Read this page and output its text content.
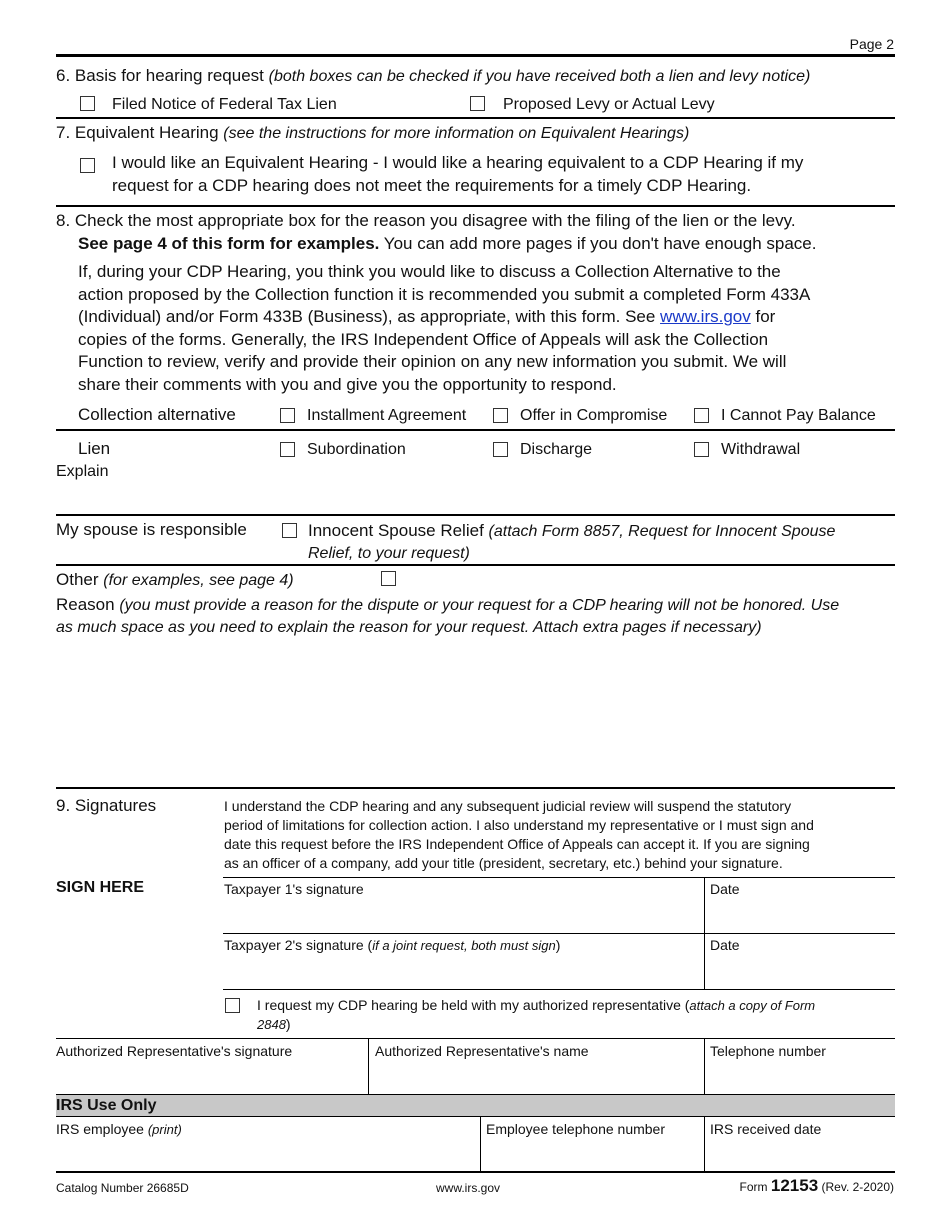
Page 2
6. Basis for hearing request (both boxes can be checked if you have received both a lien and levy notice)
Filed Notice of Federal Tax Lien	Proposed Levy or Actual Levy
7. Equivalent Hearing (see the instructions for more information on Equivalent Hearings)
I would like an Equivalent Hearing - I would like a hearing equivalent to a CDP Hearing if my
request for a CDP hearing does not meet the requirements for a timely CDP Hearing.
8. Check the most appropriate box for the reason you disagree with the filing of the lien or the levy.
See page 4 of this form for examples. You can add more pages if you don't have enough space.
If, during your CDP Hearing, you think you would like to discuss a Collection Alternative to the
action proposed by the Collection function it is recommended you submit a completed Form 433A
(Individual) and/or Form 433B (Business), as appropriate, with this form. See www.irs.gov for
copies of the forms. Generally, the IRS Independent Office of Appeals will ask the Collection
Function to review, verify and provide their opinion on any new information you submit. We will
share their comments with you and give you the opportunity to respond.
Collection alternative	Installment Agreement	Offer in Compromise	I Cannot Pay Balance
Lien	Subordination	Discharge	Withdrawal
Explain
My spouse is responsible	Innocent Spouse Relief (attach Form 8857, Request for Innocent Spouse
Relief, to your request)
Other (for examples, see page 4)
Reason (you must provide a reason for the dispute or your request for a CDP hearing will not be honored. Use
as much space as you need to explain the reason for your request. Attach extra pages if necessary)
9. Signatures	I understand the CDP hearing and any subsequent judicial review will suspend the statutory
period of limitations for collection action. I also understand my representative or I must sign and
date this request before the IRS Independent Office of Appeals can accept it. If you are signing
as an officer of a company, add your title (president, secretary, etc.) behind your signature.
SIGN HERE	Taxpayer 1's signature	Date
Taxpayer 2's signature (if a joint request, both must sign)	Date
I request my CDP hearing be held with my authorized representative (attach a copy of Form
2848)
Authorized Representative's signature	Authorized Representative's name	Telephone number
IRS Use Only
IRS employee (print)	Employee telephone number	IRS received date
Catalog Number 26685D	www.irs.gov	Form 12153 (Rev. 2-2020)
